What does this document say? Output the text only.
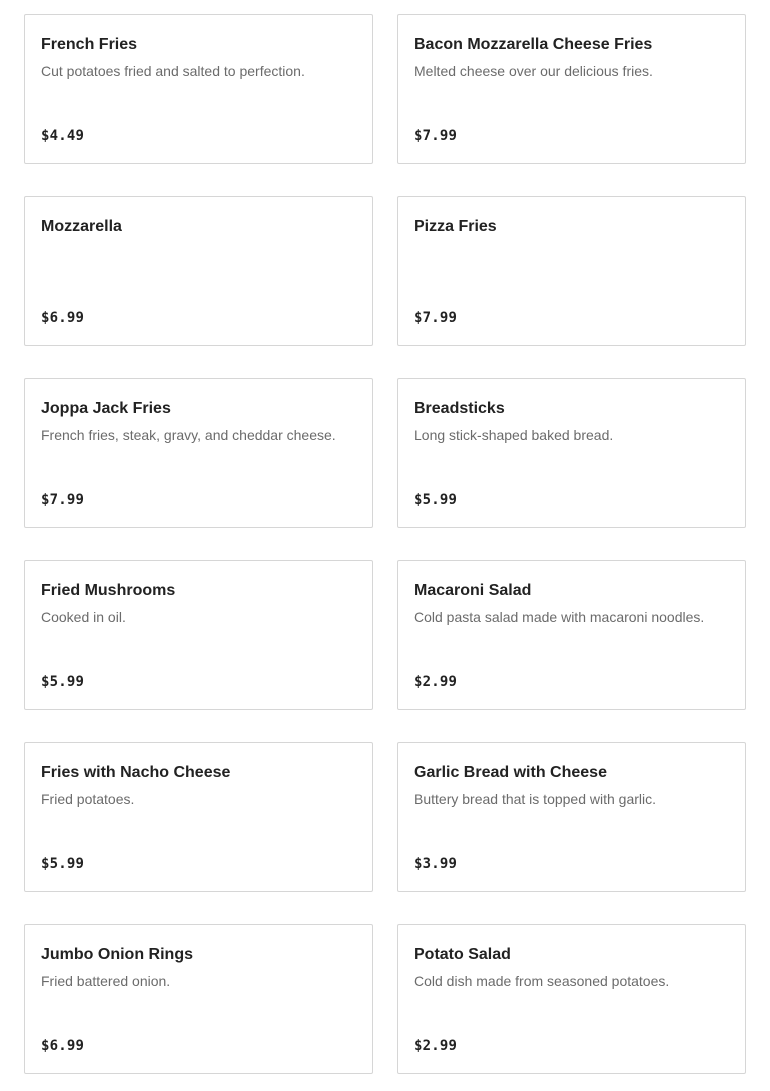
French Fries
Cut potatoes fried and salted to perfection.
$4.49
Bacon Mozzarella Cheese Fries
Melted cheese over our delicious fries.
$7.99
Mozzarella
$6.99
Pizza Fries
$7.99
Joppa Jack Fries
French fries, steak, gravy, and cheddar cheese.
$7.99
Breadsticks
Long stick-shaped baked bread.
$5.99
Fried Mushrooms
Cooked in oil.
$5.99
Macaroni Salad
Cold pasta salad made with macaroni noodles.
$2.99
Fries with Nacho Cheese
Fried potatoes.
$5.99
Garlic Bread with Cheese
Buttery bread that is topped with garlic.
$3.99
Jumbo Onion Rings
Fried battered onion.
$6.99
Potato Salad
Cold dish made from seasoned potatoes.
$2.99
